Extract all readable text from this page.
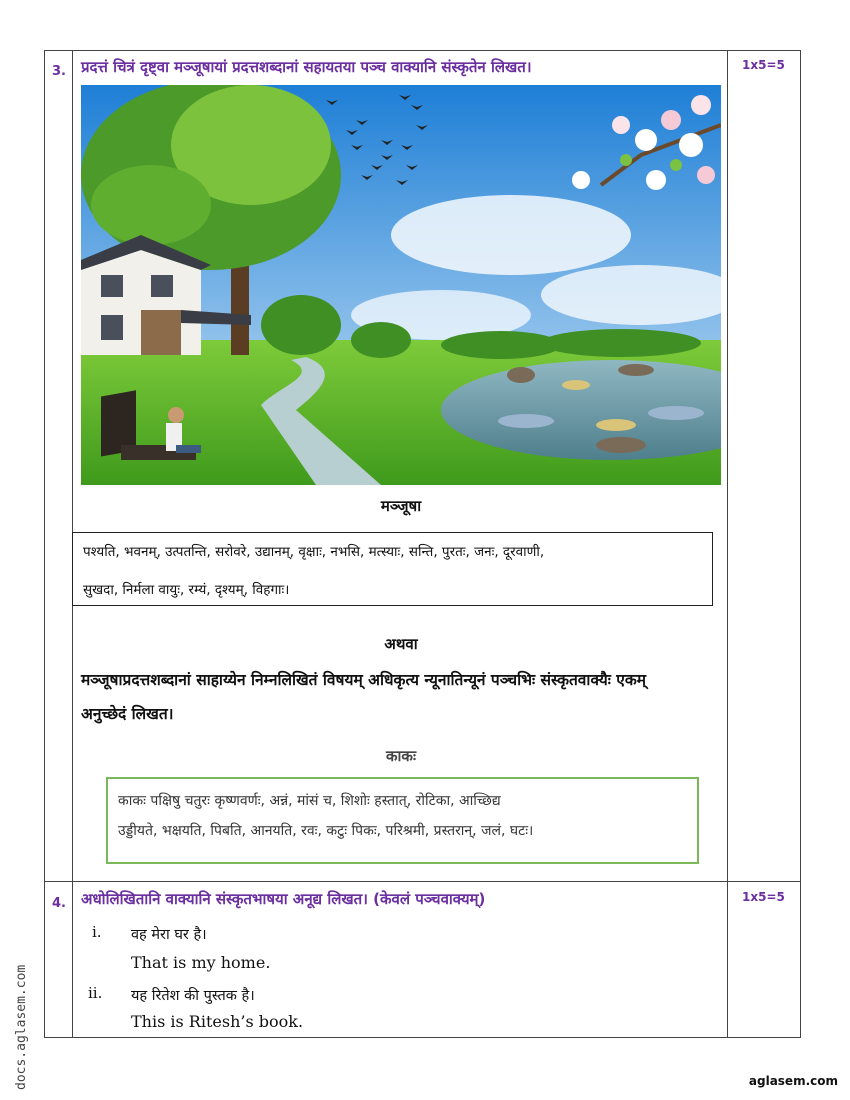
3. प्रदत्तं चित्रं दृष्ट्वा मञ्जूषायां प्रदत्तशब्दानां सहायतया पञ्च वाक्यानि संस्कृतेन लिखत।	1x5=5
मञ्जूषा
पश्यति, भवनम्, उत्पतन्ति, सरोवरे, उद्यानम्, वृक्षाः, नभसि, मत्स्याः, सन्ति, पुरतः, जनः, दूरवाणी,
सुखदा, निर्मला वायुः, रम्यं, दृश्यम्, विहगाः।
अथवा
मञ्जूषाप्रदत्तशब्दानां साहाय्येन निम्नलिखितं विषयम् अधिकृत्य न्यूनातिन्यूनं पञ्चभिः संस्कृतवाक्यैः एकम्
अनुच्छेदं लिखत।
काकः
काकः पक्षिषु चतुरः कृष्णवर्णः, अन्नं, मांसं च, शिशोः हस्तात्, रोटिका, आच्छिद्य
उड्डीयते, भक्षयति, पिबति, आनयति, रवः, कटुः पिकः, परिश्रमी, प्रस्तरान्, जलं, घटः।
4. अधोलिखितानि वाक्यानि संस्कृतभाषया अनूद्य लिखत। (केवलं पञ्चवाक्यम्)	1x5=5
i. वह मेरा घर है।
That is my home.
ii. यह रितेश की पुस्तक है।
This is Ritesh’s book.
docs.aglasem.com	aglasem.com
